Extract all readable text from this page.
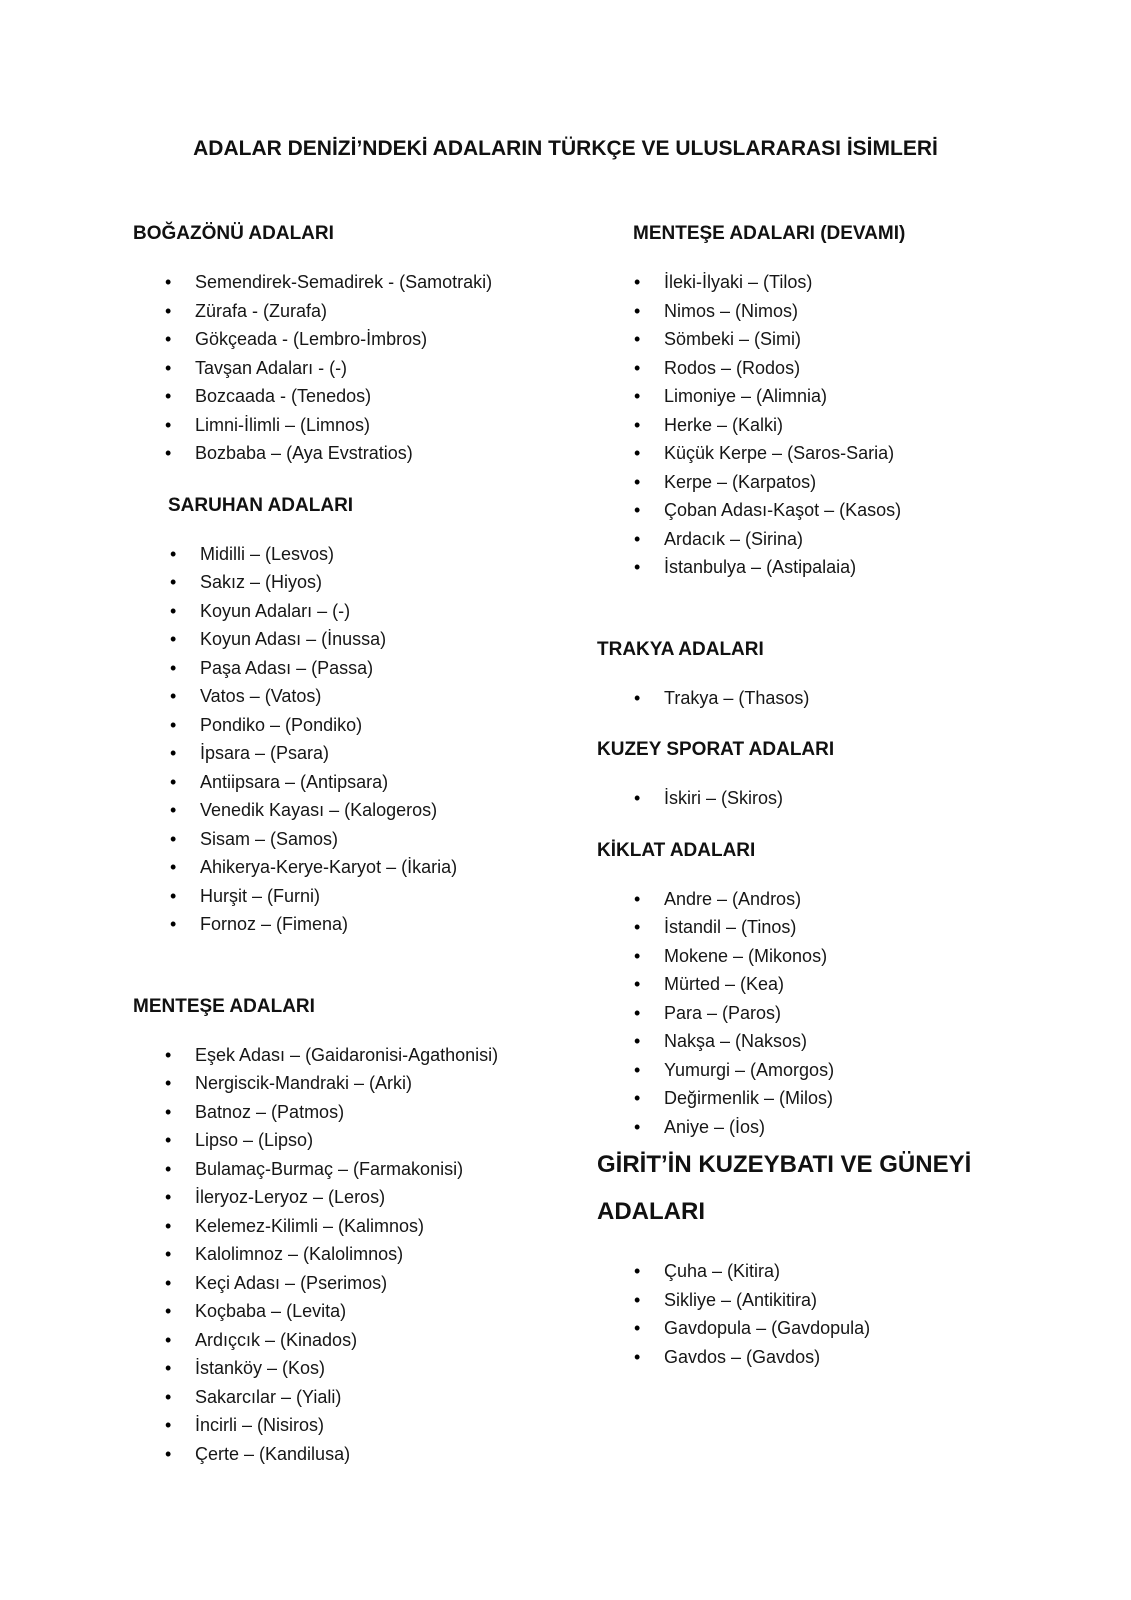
ADALAR DENİZİ’NDEKİ ADALARIN TÜRKÇE VE ULUSLARARASI İSİMLERİ
BOĞAZÖNÜ ADALARI
•	Semendirek-Semadirek - (Samotraki)
•	Zürafa - (Zurafa)
•	Gökçeada - (Lembro-İmbros)
•	Tavşan Adaları - (-)
•	Bozcaada - (Tenedos)
•	Limni-İlimli – (Limnos)
•	Bozbaba – (Aya Evstratios)
SARUHAN ADALARI
•	Midilli – (Lesvos)
•	Sakız – (Hiyos)
•	Koyun Adaları – (-)
•	Koyun Adası – (İnussa)
•	Paşa Adası – (Passa)
•	Vatos – (Vatos)
•	Pondiko – (Pondiko)
•	İpsara – (Psara)
•	Antiipsara – (Antipsara)
•	Venedik Kayası – (Kalogeros)
•	Sisam – (Samos)
•	Ahikerya-Kerye-Karyot – (İkaria)
•	Hurşit – (Furni)
•	Fornoz – (Fimena)
MENTEŞE ADALARI
•	Eşek Adası – (Gaidaronisi-Agathonisi)
•	Nergiscik-Mandraki – (Arki)
•	Batnoz – (Patmos)
•	Lipso – (Lipso)
•	Bulamaç-Burmaç – (Farmakonisi)
•	İleryoz-Leryoz – (Leros)
•	Kelemez-Kilimli – (Kalimnos)
•	Kalolimnoz – (Kalolimnos)
•	Keçi Adası – (Pserimos)
•	Koçbaba – (Levita)
•	Ardıçcık – (Kinados)
•	İstanköy – (Kos)
•	Sakarcılar – (Yiali)
•	İncirli – (Nisiros)
•	Çerte – (Kandilusa)
MENTEŞE ADALARI (DEVAMI)
•	İleki-İlyaki – (Tilos)
•	Nimos – (Nimos)
•	Sömbeki – (Simi)
•	Rodos – (Rodos)
•	Limoniye – (Alimnia)
•	Herke – (Kalki)
•	Küçük Kerpe – (Saros-Saria)
•	Kerpe – (Karpatos)
•	Çoban Adası-Kaşot – (Kasos)
•	Ardacık – (Sirina)
•	İstanbulya – (Astipalaia)
TRAKYA ADALARI
•	Trakya – (Thasos)
KUZEY SPORAT ADALARI
•	İskiri – (Skiros)
KİKLAT ADALARI
•	Andre – (Andros)
•	İstandil – (Tinos)
•	Mokene – (Mikonos)
•	Mürted – (Kea)
•	Para – (Paros)
•	Nakşa – (Naksos)
•	Yumurgi – (Amorgos)
•	Değirmenlik – (Milos)
•	Aniye – (İos)
GİRİT’İN KUZEYBATI VE GÜNEYİ ADALARI
•	Çuha – (Kitira)
•	Sikliye – (Antikitira)
•	Gavdopula – (Gavdopula)
•	Gavdos – (Gavdos)
